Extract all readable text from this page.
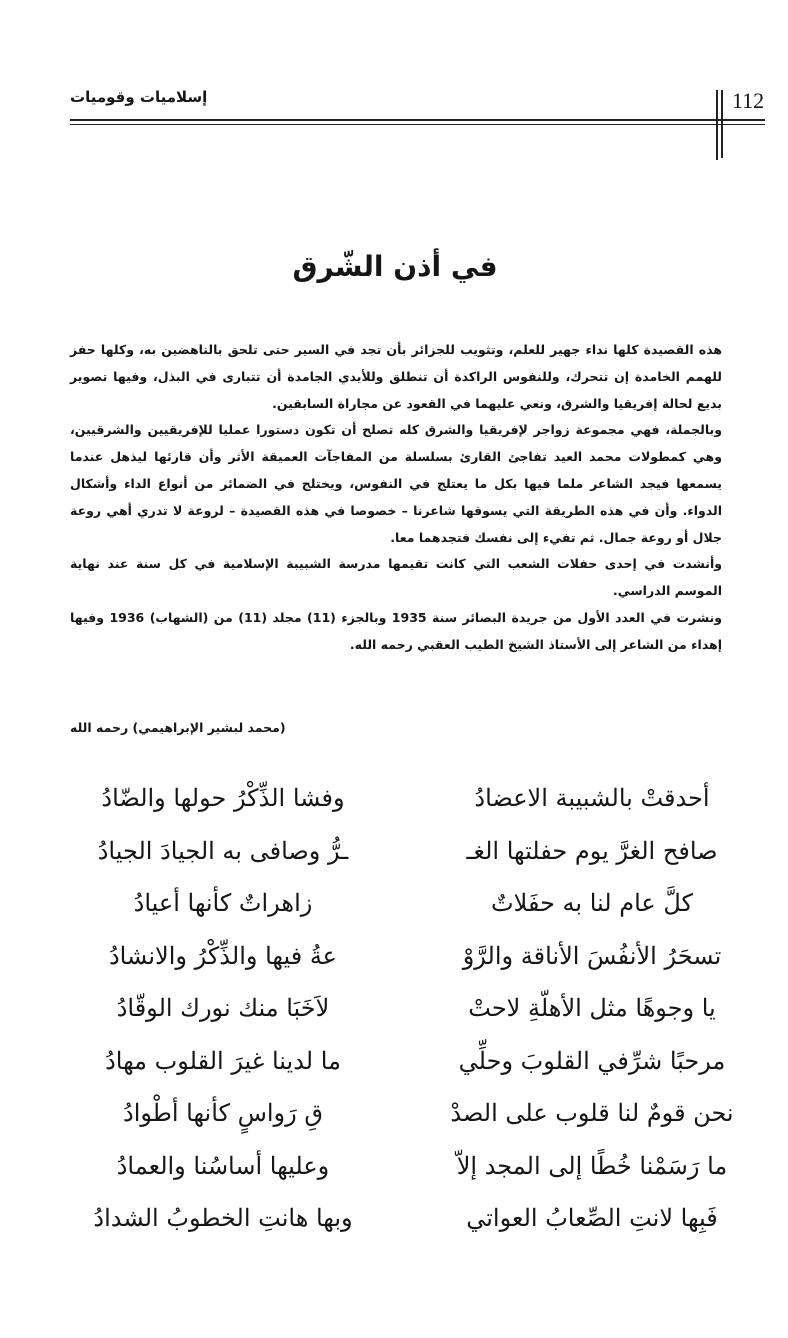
112
إسلاميات وقوميات
في أذن الشّرق

هذه القصيدة كلها نداء جهير للعلم، وتثويب للجزائر بأن تجد في السير حتى تلحق بالناهضين به، وكلها حفز للهمم الخامدة إن تتحرك، وللنفوس الراكدة أن تنطلق وللأيدي الجامدة أن تتبارى في البذل، وفيها تصوير بديع لحالة إفريقيا والشرق، ونعي عليهما في القعود عن مجاراة السابقين.

وبالجملة، فهي مجموعة زواجر لإفريقيا والشرق كله تصلح أن تكون دستورا عمليا للإفريقيين والشرقيين، وهي كمطولات محمد العيد تفاجئ القارئ بسلسلة من المفاجآت العميقة الأثر وأن قارئها ليذهل عندما يسمعها فيجد الشاعر ملما فيها بكل ما يعتلج في النفوس، ويختلج في الضمائر من أنواع الداء وأشكال الدواء. وأن في هذه الطريقة التي يسوقها شاعرنا – خصوصا في هذه القصيدة – لروعة لا تدري أهي روعة جلال أو روعة جمال. ثم تفيء إلى نفسك فتجدهما معا.

وأنشدت في إحدى حفلات الشعب التي كانت تقيمها مدرسة الشبيبة الإسلامية في كل سنة عند نهاية الموسم الدراسي.

ونشرت في العدد الأول من جريدة البصائر سنة 1935 وبالجزء (11) مجلد (11) من (الشهاب) 1936 وفيها إهداء من الشاعر إلى الأستاذ الشيخ الطيب العقبي رحمه الله.

(محمد لبشير الإبراهيمي) رحمه الله
أحدقتْ بالشبيبة الاعضادُ
وفشا الذِّكْرُ حولها والضّادُ
صافح الغرَّ يوم حفلتها الغـ
ـرُّ وصافى به الجيادَ الجيادُ
كلَّ عام لنا به حفَلاتٌ
زاهراتٌ كأنها أعيادُ
تسحَرُ الأنفُسَ الأناقة والرَّوْ
عةُ فيها والذِّكْرُ والانشادُ
يا وجوهًا مثل الأهلّةِ لاحتْ
لاَخَبَا منك نورك الوقّادُ
مرحبًا شرِّفي القلوبَ وحلِّي
ما لدينا غيرَ القلوب مهادُ
نحن قومٌ لنا قلوب على الصدْ
قِ رَواسٍ كأنها أطْوادُ
ما رَسَمْنا خُطًا إلى المجد إلاّ
وعليها أساسُنا والعمادُ
فَبِها لانتِ الصِّعابُ العواتي
وبها هانتِ الخطوبُ الشدادُ
